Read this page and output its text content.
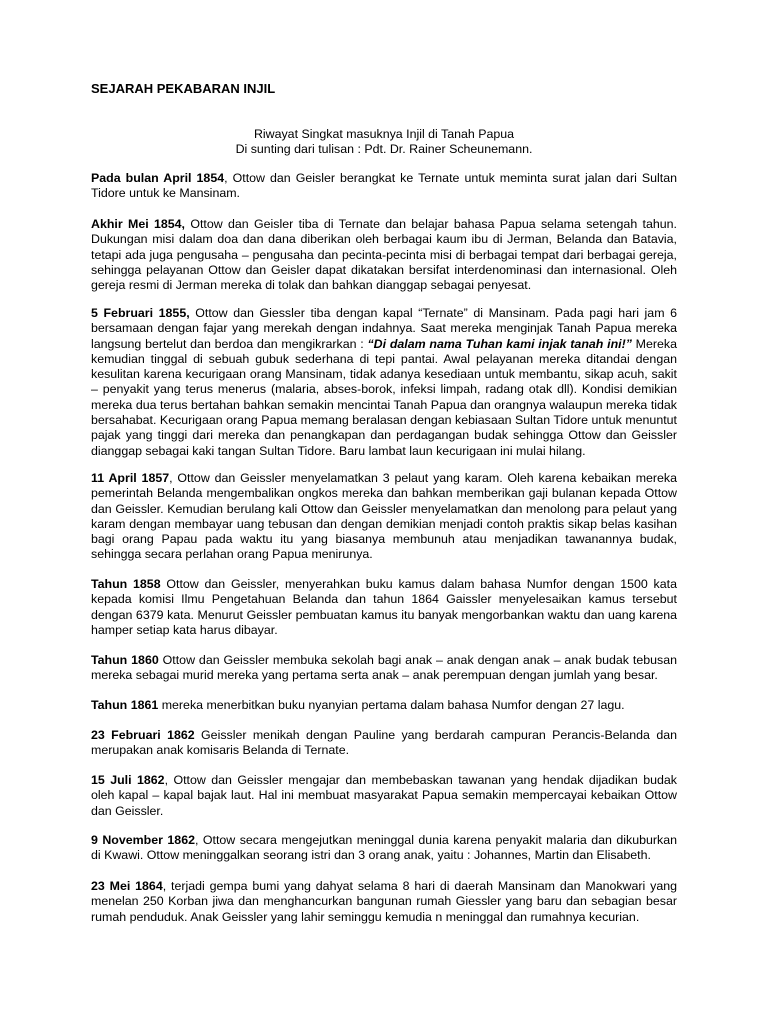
SEJARAH PEKABARAN INJIL

Riwayat Singkat masuknya Injil di Tanah Papua

Di sunting dari tulisan : Pdt. Dr. Rainer Scheunemann.

Pada bulan April 1854, Ottow dan Geisler berangkat ke Ternate untuk meminta surat jalan dari Sultan Tidore untuk ke Mansinam.

Akhir Mei 1854, Ottow dan Geisler tiba di Ternate dan belajar bahasa Papua selama setengah tahun. Dukungan misi dalam doa dan dana diberikan oleh berbagai kaum ibu di Jerman, Belanda dan Batavia, tetapi ada juga pengusaha – pengusaha dan pecinta-pecinta misi di berbagai tempat dari berbagai gereja, sehingga pelayanan Ottow dan Geisler dapat dikatakan bersifat interdenominasi dan internasional. Oleh gereja resmi di Jerman mereka di tolak dan bahkan dianggap sebagai penyesat.

5 Februari 1855, Ottow dan Giessler tiba dengan kapal “Ternate” di Mansinam. Pada pagi hari jam 6 bersamaan dengan fajar yang merekah dengan indahnya. Saat mereka menginjak Tanah Papua mereka langsung bertelut dan berdoa dan mengikrarkan : “Di dalam nama Tuhan kami injak tanah ini!” Mereka kemudian tinggal di sebuah gubuk sederhana di tepi pantai. Awal pelayanan mereka ditandai dengan kesulitan karena kecurigaan orang Mansinam, tidak adanya kesediaan untuk membantu, sikap acuh, sakit – penyakit yang terus menerus (malaria, abses-borok, infeksi limpah, radang otak dll). Kondisi demikian mereka dua terus bertahan bahkan semakin mencintai Tanah Papua dan orangnya walaupun mereka tidak bersahabat. Kecurigaan orang Papua memang beralasan dengan kebiasaan Sultan Tidore untuk menuntut pajak yang tinggi dari mereka dan penangkapan dan perdagangan budak sehingga Ottow dan Geissler dianggap sebagai kaki tangan Sultan Tidore. Baru lambat laun kecurigaan ini mulai hilang.

11 April 1857, Ottow dan Geissler menyelamatkan 3 pelaut yang karam. Oleh karena kebaikan mereka pemerintah Belanda mengembalikan ongkos mereka dan bahkan memberikan gaji bulanan kepada Ottow dan Geissler. Kemudian berulang kali Ottow dan Geissler menyelamatkan dan menolong para pelaut yang karam dengan membayar uang tebusan dan dengan demikian menjadi contoh praktis sikap belas kasihan bagi orang Papau pada waktu itu yang biasanya membunuh atau menjadikan tawanannya budak, sehingga secara perlahan orang Papua menirunya.

Tahun 1858 Ottow dan Geissler, menyerahkan buku kamus dalam bahasa Numfor dengan 1500 kata kepada komisi Ilmu Pengetahuan Belanda dan tahun 1864 Gaissler menyelesaikan kamus tersebut dengan 6379 kata. Menurut Geissler pembuatan kamus itu banyak mengorbankan waktu dan uang karena hamper setiap kata harus dibayar.

Tahun 1860 Ottow dan Geissler membuka sekolah bagi anak – anak dengan anak – anak budak tebusan mereka sebagai murid mereka yang pertama serta anak – anak perempuan dengan jumlah yang besar.

Tahun 1861 mereka menerbitkan buku nyanyian pertama dalam bahasa Numfor dengan 27 lagu.

23 Februari 1862 Geissler menikah dengan Pauline yang berdarah campuran Perancis-Belanda dan merupakan anak komisaris Belanda di Ternate.

15 Juli 1862, Ottow dan Geissler mengajar dan membebaskan tawanan yang hendak dijadikan budak oleh kapal – kapal bajak laut. Hal ini membuat masyarakat Papua semakin mempercayai kebaikan Ottow dan Geissler.

9 November 1862, Ottow secara mengejutkan meninggal dunia karena penyakit malaria dan dikuburkan di Kwawi. Ottow meninggalkan seorang istri dan 3 orang anak, yaitu : Johannes, Martin dan Elisabeth.

23 Mei 1864, terjadi gempa bumi yang dahyat selama 8 hari di daerah Mansinam dan Manokwari yang menelan 250 Korban jiwa dan menghancurkan bangunan rumah Giessler yang baru dan sebagian besar rumah penduduk. Anak Geissler yang lahir seminggu kemudia n meninggal dan rumahnya kecurian.
